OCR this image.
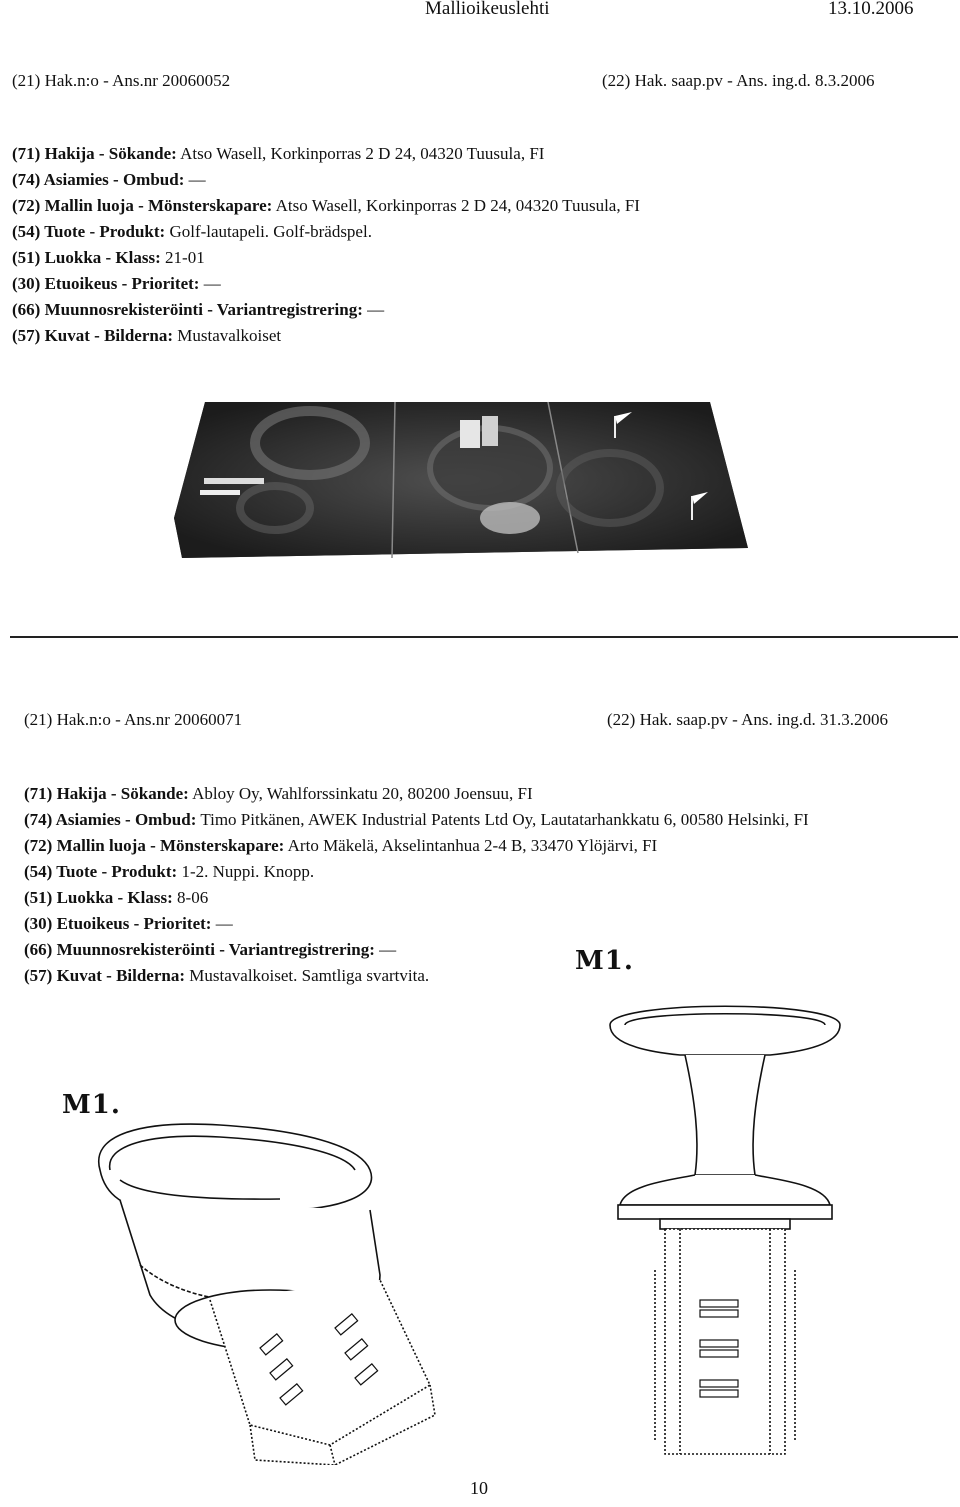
Mallioikeuslehti	13.10.2006
(21) Hak.n:o - Ans.nr 20060052	(22) Hak. saap.pv - Ans. ing.d. 8.3.2006
(71) Hakija - Sökande: Atso Wasell, Korkinporras 2 D 24, 04320 Tuusula, FI
(74) Asiamies - Ombud: —
(72) Mallin luoja - Mönsterskapare: Atso Wasell, Korkinporras 2 D 24, 04320 Tuusula, FI
(54) Tuote - Produkt: Golf-lautapeli. Golf-brädspel.
(51) Luokka - Klass: 21-01
(30) Etuoikeus - Prioritet: —
(66) Muunnosrekisteröinti - Variantregistrering: —
(57) Kuvat - Bilderna: Mustavalkoiset
(21) Hak.n:o - Ans.nr 20060071	(22) Hak. saap.pv - Ans. ing.d. 31.3.2006
(71) Hakija - Sökande: Abloy Oy, Wahlforssinkatu 20, 80200 Joensuu, FI
(74) Asiamies - Ombud: Timo Pitkänen, AWEK Industrial Patents Ltd Oy, Lautatarhankkatu 6, 00580 Helsinki, FI
(72) Mallin luoja - Mönsterskapare: Arto Mäkelä, Akselintanhua 2-4 B, 33470 Ylöjärvi, FI
(54) Tuote - Produkt: 1-2. Nuppi. Knopp.
(51) Luokka - Klass: 8-06
(30) Etuoikeus - Prioritet: —
(66) Muunnosrekisteröinti - Variantregistrering: —
(57) Kuvat - Bilderna: Mustavalkoiset. Samtliga svartvita.	M1.
M1.
10
